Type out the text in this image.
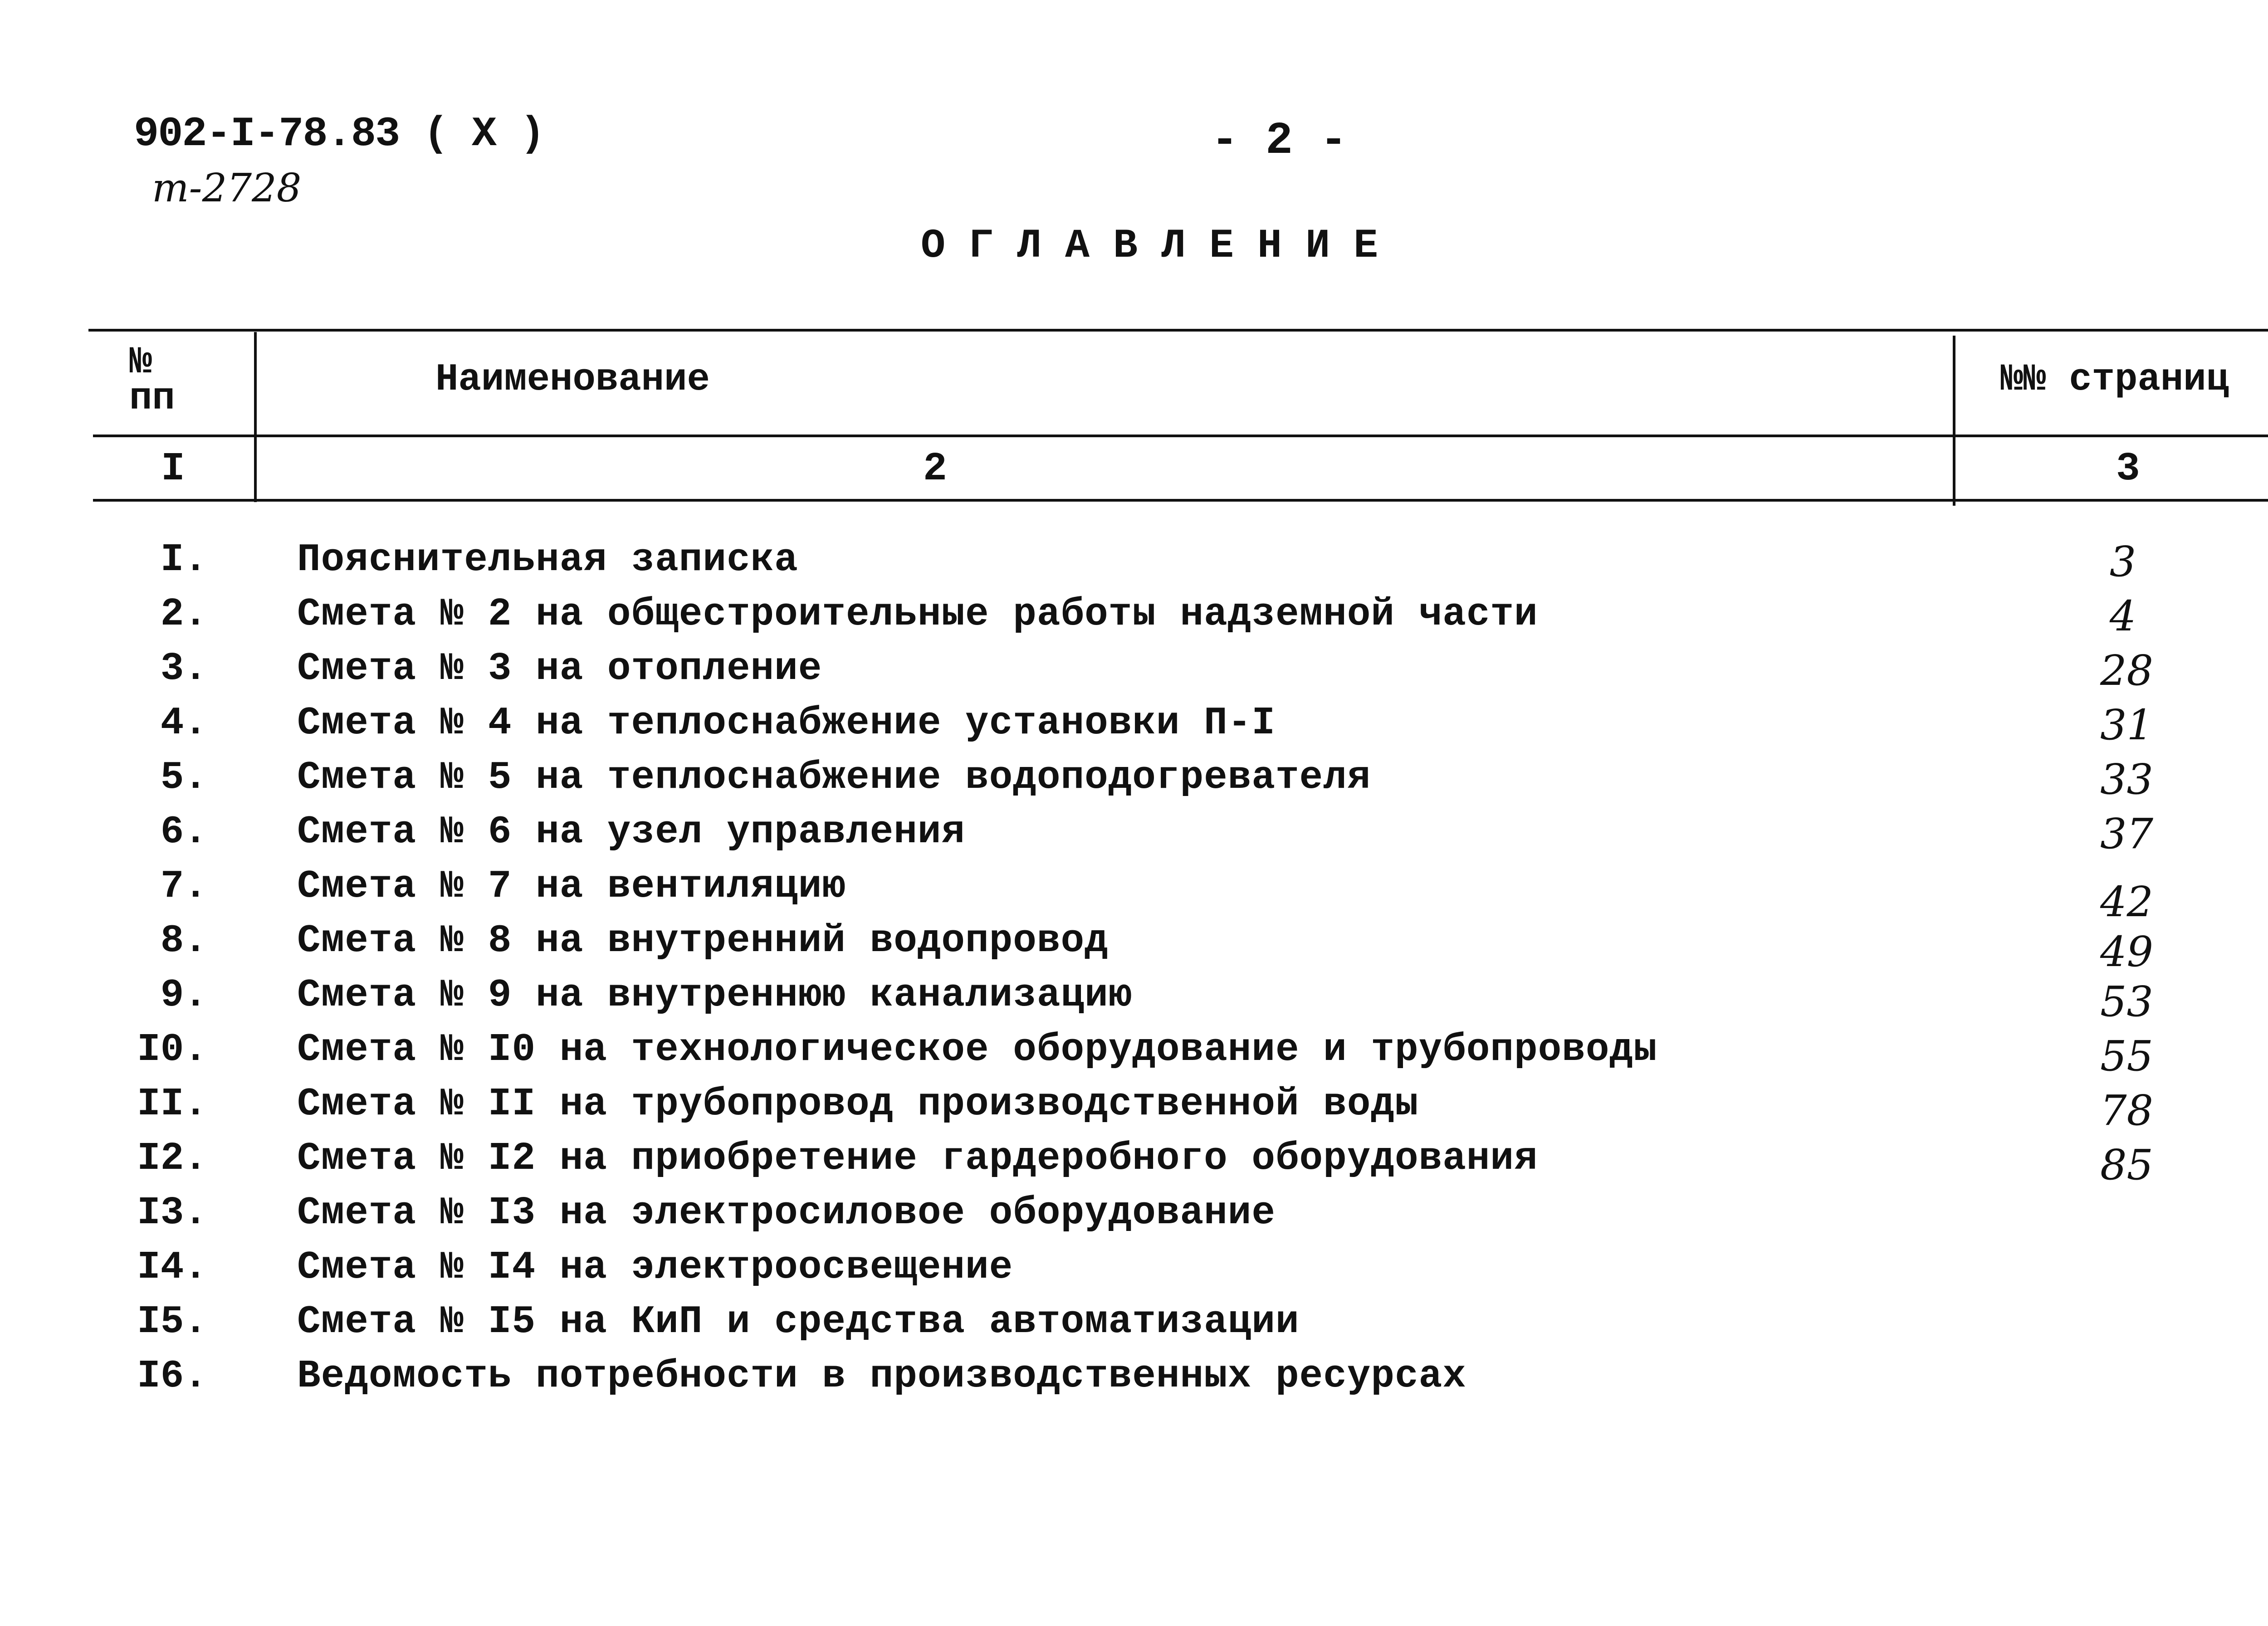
902-I-78.83 ( X )
т-2728
- 2 -
ОГЛАВЛЕНИЕ
№
пп	Наименование	№№ страниц
I	2	3
I. Пояснительная записка	3
2. Смета № 2 на общестроительные работы надземной части	4
3. Смета № 3 на отопление	28
4. Смета № 4 на теплоснабжение установки П-I	31
5. Смета № 5 на теплоснабжение водоподогревателя	33
6. Смета № 6 на узел управления	37
7. Смета № 7 на вентиляцию	42
8. Смета № 8 на внутренний водопровод	49
9. Смета № 9 на внутреннюю канализацию	53
I0. Смета № I0 на технологическое оборудование и трубопроводы	55
II. Смета № II на трубопровод производственной воды	78
I2. Смета № I2 на приобретение гардеробного оборудования	85
I3. Смета № I3 на электросиловое оборудование
I4. Смета № I4 на электроосвещение
I5. Смета № I5 на КиП и средства автоматизации
I6. Ведомость потребности в производственных ресурсах
